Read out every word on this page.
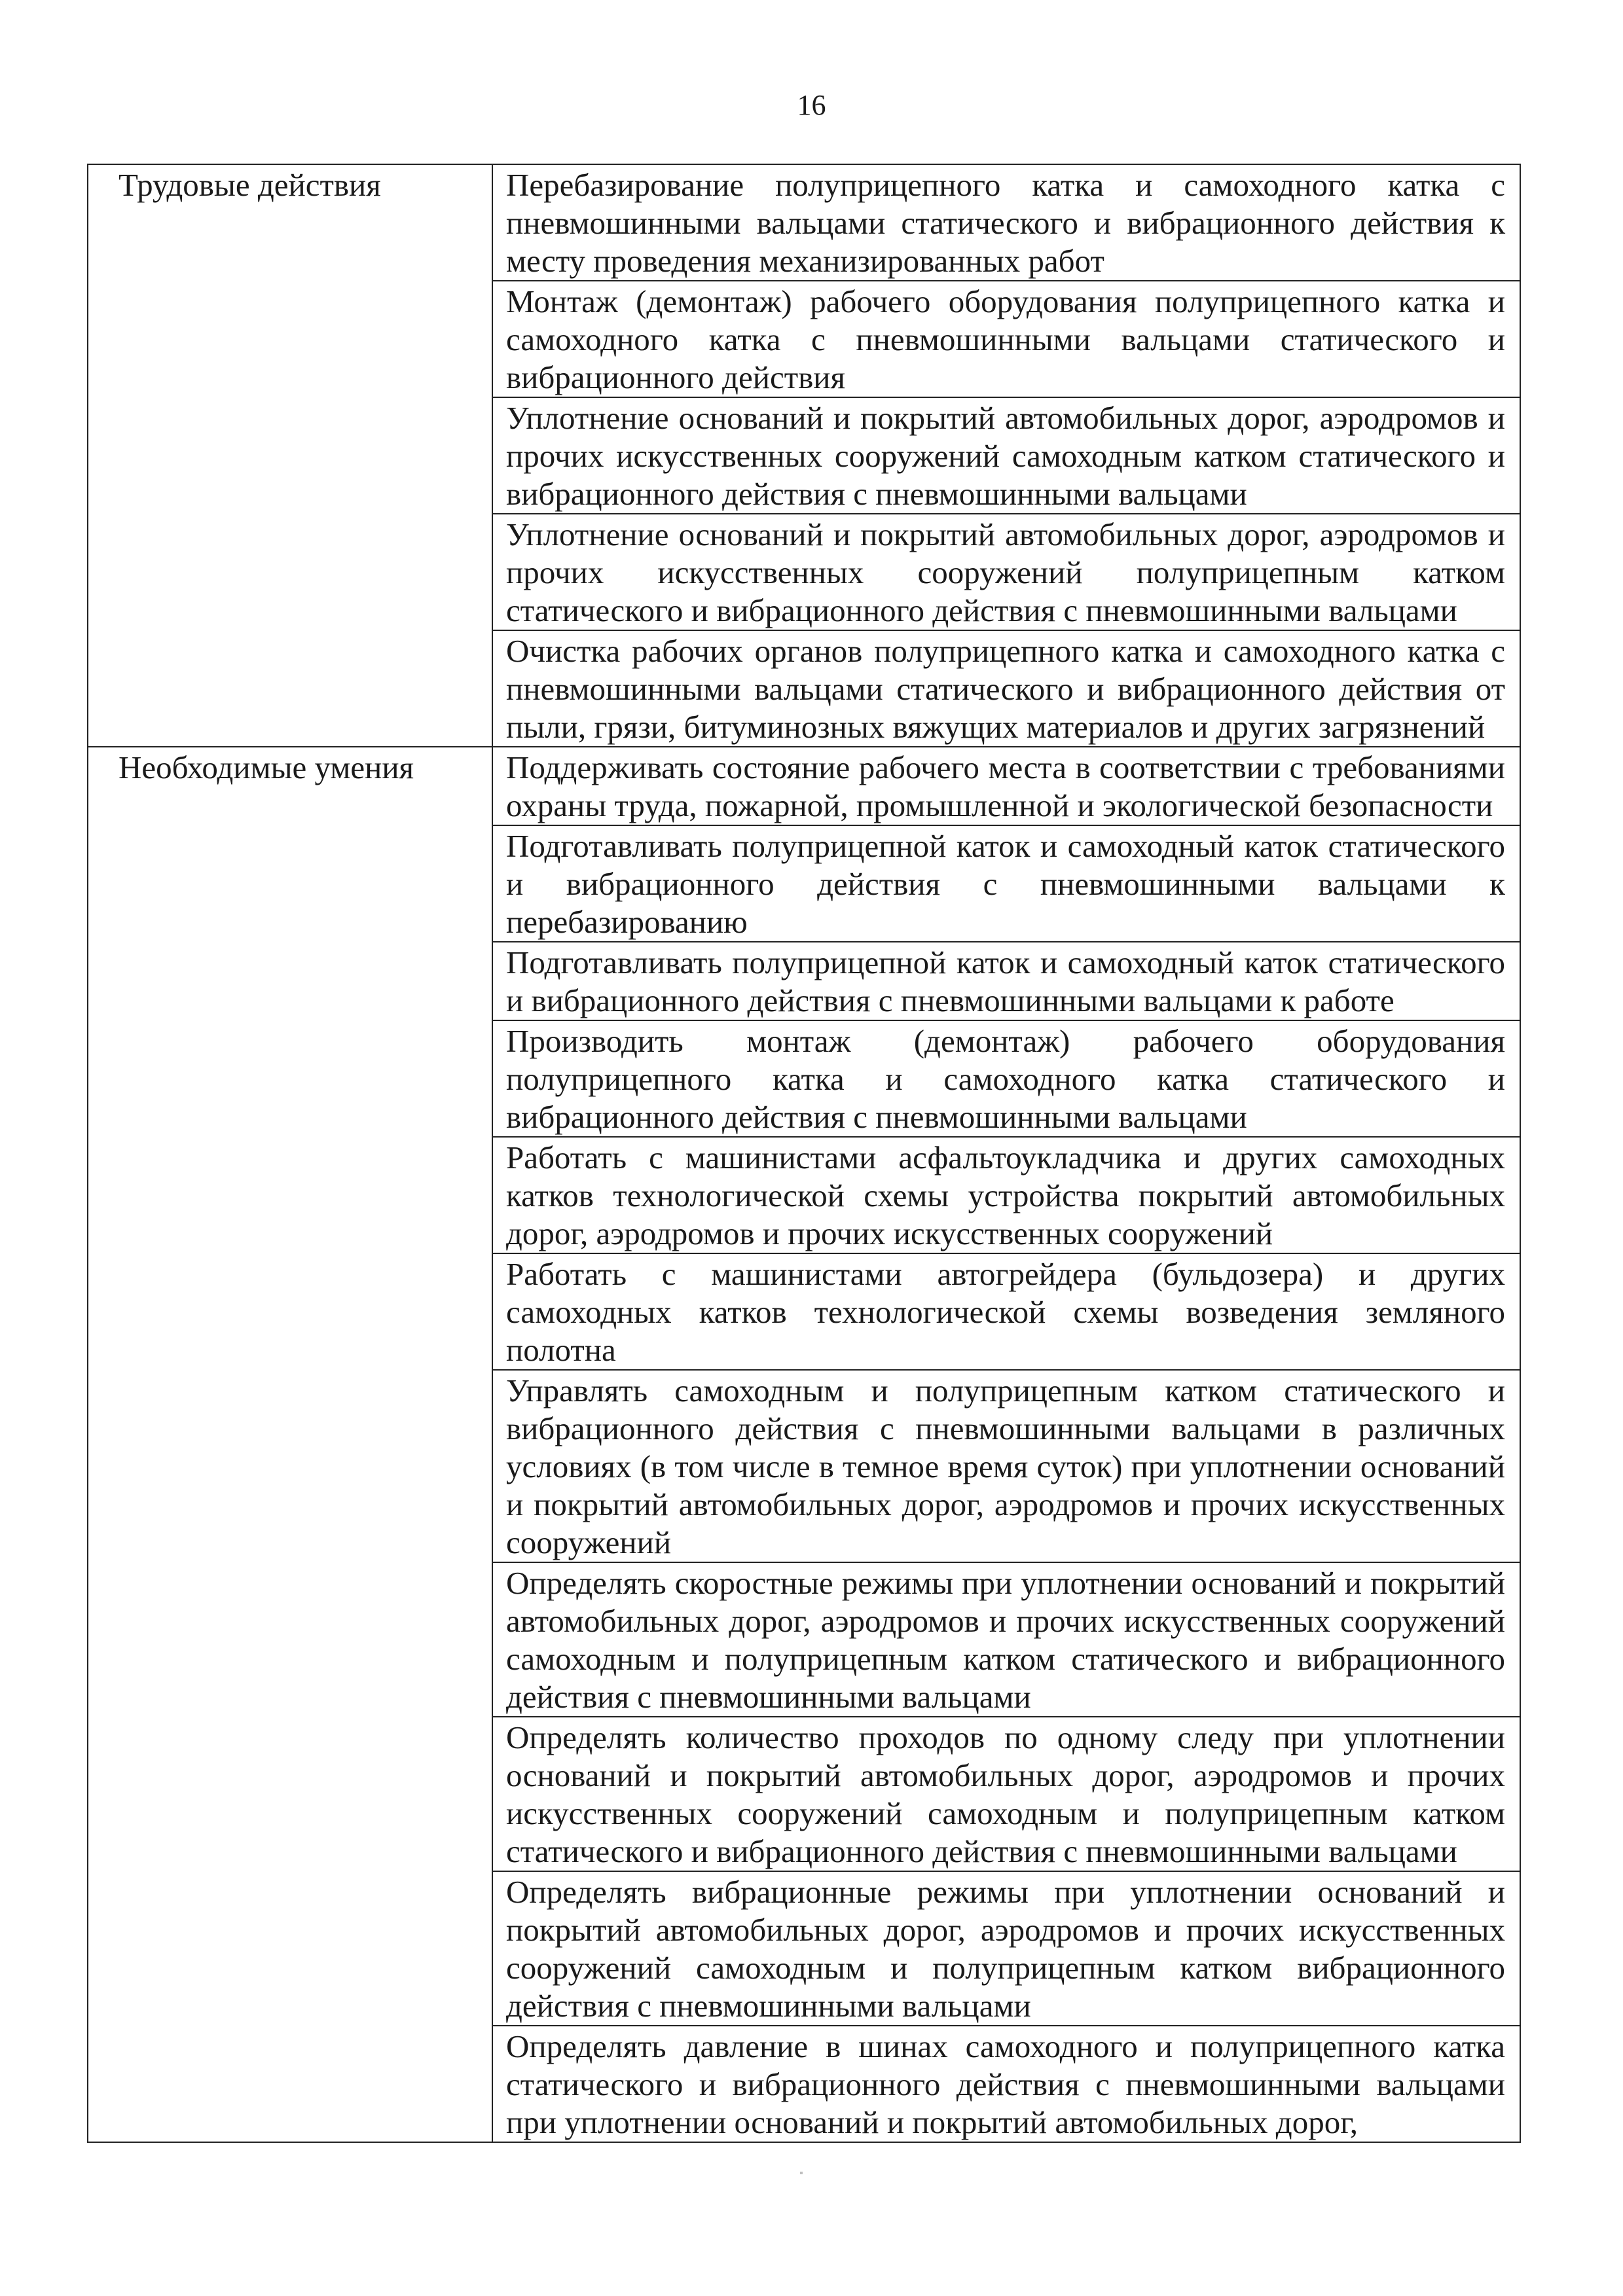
16
Трудовые действия	Перебазирование полуприцепного катка и самоходного катка с пневмошинными вальцами статического и вибрационного действия к месту проведения механизированных работ
	Монтаж (демонтаж) рабочего оборудования полуприцепного катка и самоходного катка с пневмошинными вальцами статического и вибрационного действия
	Уплотнение оснований и покрытий автомобильных дорог, аэродромов и прочих искусственных сооружений самоходным катком статического и вибрационного действия с пневмошинными вальцами
	Уплотнение оснований и покрытий автомобильных дорог, аэродромов и прочих искусственных сооружений полуприцепным катком статического и вибрационного действия с пневмошинными вальцами
	Очистка рабочих органов полуприцепного катка и самоходного катка с пневмошинными вальцами статического и вибрационного действия от пыли, грязи, битуминозных вяжущих материалов и других загрязнений
Необходимые умения	Поддерживать состояние рабочего места в соответствии с требованиями охраны труда, пожарной, промышленной и экологической безопасности
	Подготавливать полуприцепной каток и самоходный каток статического и вибрационного действия с пневмошинными вальцами к перебазированию
	Подготавливать полуприцепной каток и самоходный каток статического и вибрационного действия с пневмошинными вальцами к работе
	Производить монтаж (демонтаж) рабочего оборудования полуприцепного катка и самоходного катка статического и вибрационного действия с пневмошинными вальцами
	Работать с машинистами асфальтоукладчика и других самоходных катков технологической схемы устройства покрытий автомобильных дорог, аэродромов и прочих искусственных сооружений
	Работать с машинистами автогрейдера (бульдозера) и других самоходных катков технологической схемы возведения земляного полотна
	Управлять самоходным и полуприцепным катком статического и вибрационного действия с пневмошинными вальцами в различных условиях (в том числе в темное время суток) при уплотнении оснований и покрытий автомобильных дорог, аэродромов и прочих искусственных сооружений
	Определять скоростные режимы при уплотнении оснований и покрытий автомобильных дорог, аэродромов и прочих искусственных сооружений самоходным и полуприцепным катком статического и вибрационного действия с пневмошинными вальцами
	Определять количество проходов по одному следу при уплотнении оснований и покрытий автомобильных дорог, аэродромов и прочих искусственных сооружений самоходным и полуприцепным катком статического и вибрационного действия с пневмошинными вальцами
	Определять вибрационные режимы при уплотнении оснований и покрытий автомобильных дорог, аэродромов и прочих искусственных сооружений самоходным и полуприцепным катком вибрационного действия с пневмошинными вальцами
	Определять давление в шинах самоходного и полуприцепного катка статического и вибрационного действия с пневмошинными вальцами при уплотнении оснований и покрытий автомобильных дорог,
